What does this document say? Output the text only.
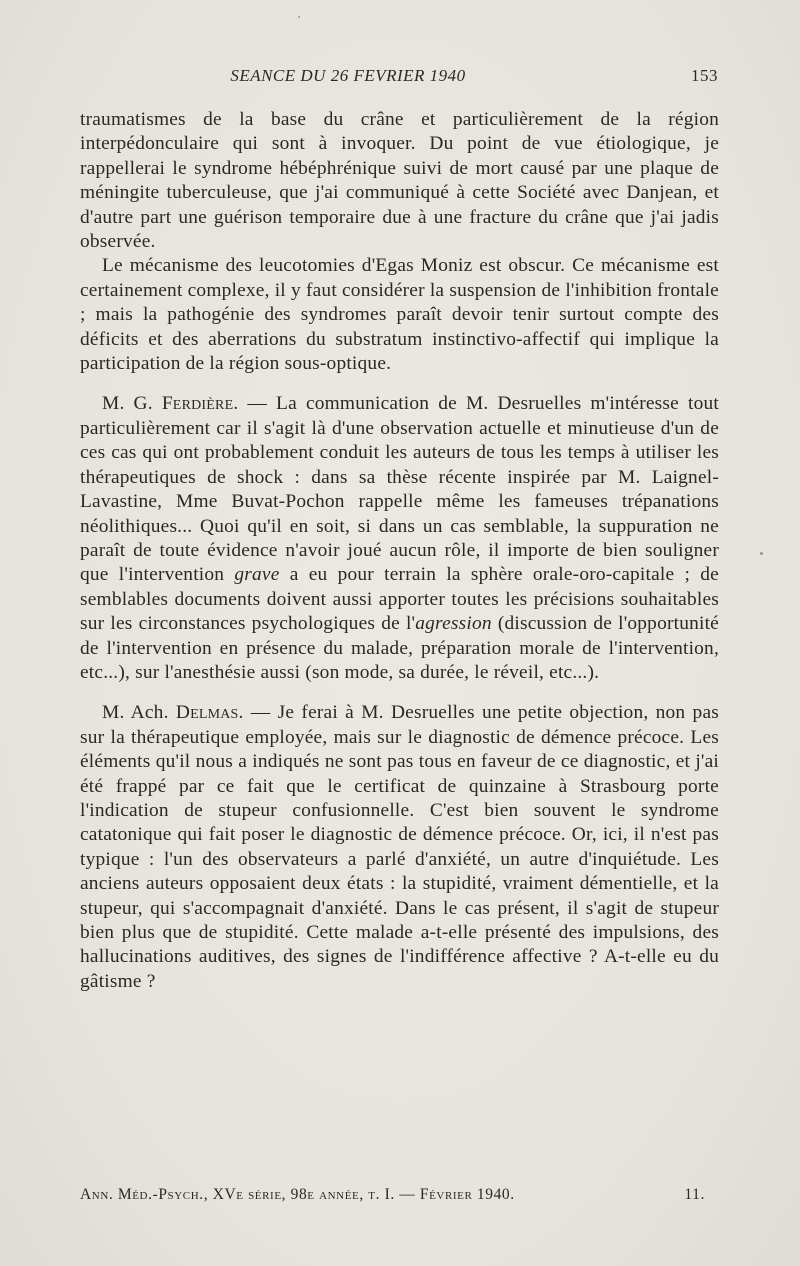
SEANCE DU 26 FEVRIER 1940	153

traumatismes de la base du crâne et particulièrement de la région interpédonculaire qui sont à invoquer. Du point de vue étiologique, je rappellerai le syndrome hébéphrénique suivi de mort causé par une plaque de méningite tuberculeuse, que j'ai communiqué à cette Société avec Danjean, et d'autre part une guérison temporaire due à une fracture du crâne que j'ai jadis observée.

Le mécanisme des leucotomies d'Egas Moniz est obscur. Ce mécanisme est certainement complexe, il y faut considérer la suspension de l'inhibition frontale ; mais la pathogénie des syndromes paraît devoir tenir surtout compte des déficits et des aberrations du substratum instinctivo-affectif qui implique la participation de la région sous-optique.

M. G. Ferdière. — La communication de M. Desruelles m'intéresse tout particulièrement car il s'agit là d'une observation actuelle et minutieuse d'un de ces cas qui ont probablement conduit les auteurs de tous les temps à utiliser les thérapeutiques de shock : dans sa thèse récente inspirée par M. Laignel-Lavastine, Mme Buvat-Pochon rappelle même les fameuses trépanations néolithiques... Quoi qu'il en soit, si dans un cas semblable, la suppuration ne paraît de toute évidence n'avoir joué aucun rôle, il importe de bien souligner que l'intervention grave a eu pour terrain la sphère orale-oro-capitale ; de semblables documents doivent aussi apporter toutes les précisions souhaitables sur les circonstances psychologiques de l'agression (discussion de l'opportunité de l'intervention en présence du malade, préparation morale de l'intervention, etc...), sur l'anesthésie aussi (son mode, sa durée, le réveil, etc...).

M. Ach. Delmas. — Je ferai à M. Desruelles une petite objection, non pas sur la thérapeutique employée, mais sur le diagnostic de démence précoce. Les éléments qu'il nous a indiqués ne sont pas tous en faveur de ce diagnostic, et j'ai été frappé par ce fait que le certificat de quinzaine à Strasbourg porte l'indication de stupeur confusionnelle. C'est bien souvent le syndrome catatonique qui fait poser le diagnostic de démence précoce. Or, ici, il n'est pas typique : l'un des observateurs a parlé d'anxiété, un autre d'inquiétude. Les anciens auteurs opposaient deux états : la stupidité, vraiment démentielle, et la stupeur, qui s'accompagnait d'anxiété. Dans le cas présent, il s'agit de stupeur bien plus que de stupidité. Cette malade a-t-elle présenté des impulsions, des hallucinations auditives, des signes de l'indifférence affective ? A-t-elle eu du gâtisme ?

Ann. Méd.-Psych., XVe série, 98e année, t. I. — Février 1940.	11.
